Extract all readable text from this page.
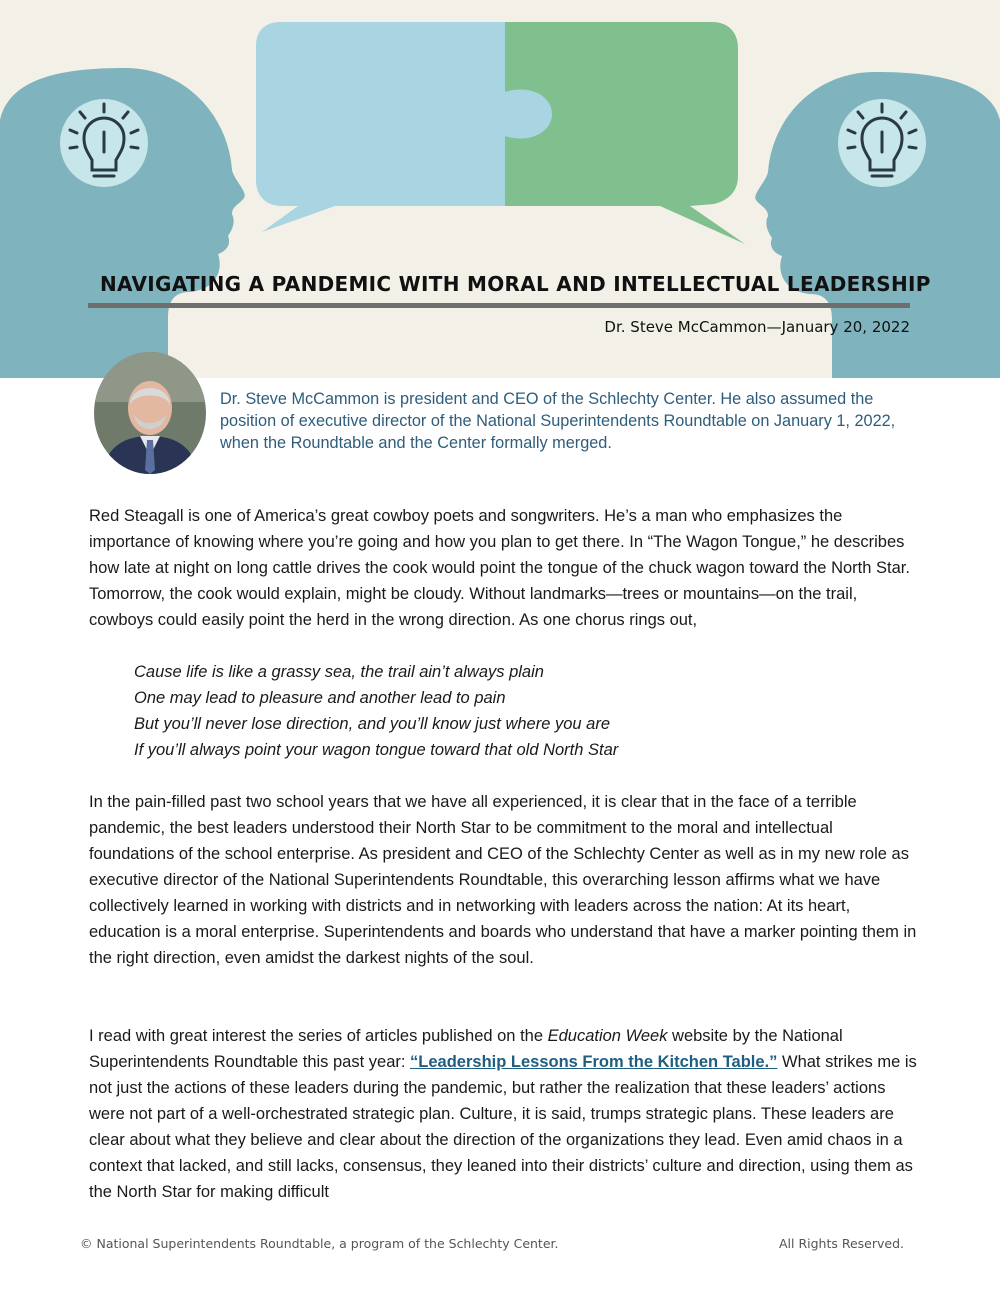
NAVIGATING A PANDEMIC WITH MORAL AND INTELLECTUAL LEADERSHIP
Dr. Steve McCammon—January 20, 2022
Dr. Steve McCammon is president and CEO of the Schlechty Center. He also assumed the position of executive director of the National Superintendents Roundtable on January 1, 2022, when the Roundtable and the Center formally merged.
Red Steagall is one of America’s great cowboy poets and songwriters. He’s a man who emphasizes the importance of knowing where you’re going and how you plan to get there. In “The Wagon Tongue,” he describes how late at night on long cattle drives the cook would point the tongue of the chuck wagon toward the North Star. Tomorrow, the cook would explain, might be cloudy. Without landmarks—trees or mountains—on the trail, cowboys could easily point the herd in the wrong direction. As one chorus rings out,
Cause life is like a grassy sea, the trail ain’t always plain
One may lead to pleasure and another lead to pain
But you’ll never lose direction, and you’ll know just where you are
If you’ll always point your wagon tongue toward that old North Star
In the pain-filled past two school years that we have all experienced, it is clear that in the face of a terrible pandemic, the best leaders understood their North Star to be commitment to the moral and intellectual foundations of the school enterprise. As president and CEO of the Schlechty Center as well as in my new role as executive director of the National Superintendents Roundtable, this overarching lesson affirms what we have collectively learned in working with districts and in networking with leaders across the nation: At its heart, education is a moral enterprise. Superintendents and boards who understand that have a marker pointing them in the right direction, even amidst the darkest nights of the soul.
I read with great interest the series of articles published on the Education Week website by the National Superintendents Roundtable this past year: “Leadership Lessons From the Kitchen Table.” What strikes me is not just the actions of these leaders during the pandemic, but rather the realization that these leaders’ actions were not part of a well-orchestrated strategic plan. Culture, it is said, trumps strategic plans. These leaders are clear about what they believe and clear about the direction of the organizations they lead. Even amid chaos in a context that lacked, and still lacks, consensus, they leaned into their districts’ culture and direction, using them as the North Star for making difficult
© National Superintendents Roundtable, a program of the Schlechty Center.	All Rights Reserved.
